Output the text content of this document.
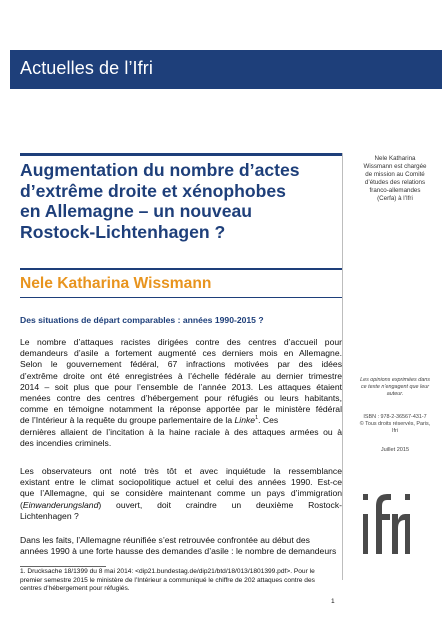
Actuelles de l’Ifri
Augmentation du nombre d’actes
d’extrême droite et xénophobes
en Allemagne – un nouveau
Rostock-Lichtenhagen ?
Nele Katharina Wissmann
Des situations de départ comparables : années 1990-2015 ?
Le nombre d’attaques racistes dirigées contre des centres d’accueil pour
demandeurs d’asile a fortement augmenté ces derniers mois en Allemagne.
Selon le gouvernement fédéral, 67 infractions motivées par des idées
d’extrême droite ont été enregistrées à l’échelle fédérale au dernier trimestre
2014 – soit plus que pour l’ensemble de l’année 2013. Les attaques étaient
menées contre des centres d’hébergement pour réfugiés ou leurs habitants,
comme en témoigne notamment la réponse apportée par le ministère fédéral
de l’Intérieur à la requête du groupe parlementaire de la Linke$^1$. Ces
dernières allaient de l’incitation à la haine raciale à des attaques armées ou à
des incendies criminels.
Les observateurs ont noté très tôt et avec inquiétude la ressemblance
existant entre le climat sociopolitique actuel et celui des années 1990. Est-ce
que l’Allemagne, qui se considère maintenant comme un pays d’immigration
(Einwanderungsland) ouvert, doit craindre un deuxième Rostock-
Lichtenhagen ?
Dans les faits, l’Allemagne réunifiée s’est retrouvée confrontée au début des
années 1990 à une forte hausse des demandes d’asile : le nombre de demandeurs
1. Drucksache 18/1399 du 8 mai 2014: <dip21.bundestag.de/dip21/btd/18/013/1801399.pdf>. Pour le
premier semestre 2015 le ministère de l’Intérieur a communiqué le chiffre de 202 attaques contre des
centres d’hébergement pour réfugiés.
1
Nele Katharina
Wissmann est chargée
de mission au Comité
d’études des relations
franco-allemandes
(Cerfa) à l’Ifri
Les opinions exprimées dans
ce texte n’engagent que leur
auteur.
ISBN : 978-2-36567-431-7
© Tous droits réservés, Paris,
Ifri
Juillet 2015
